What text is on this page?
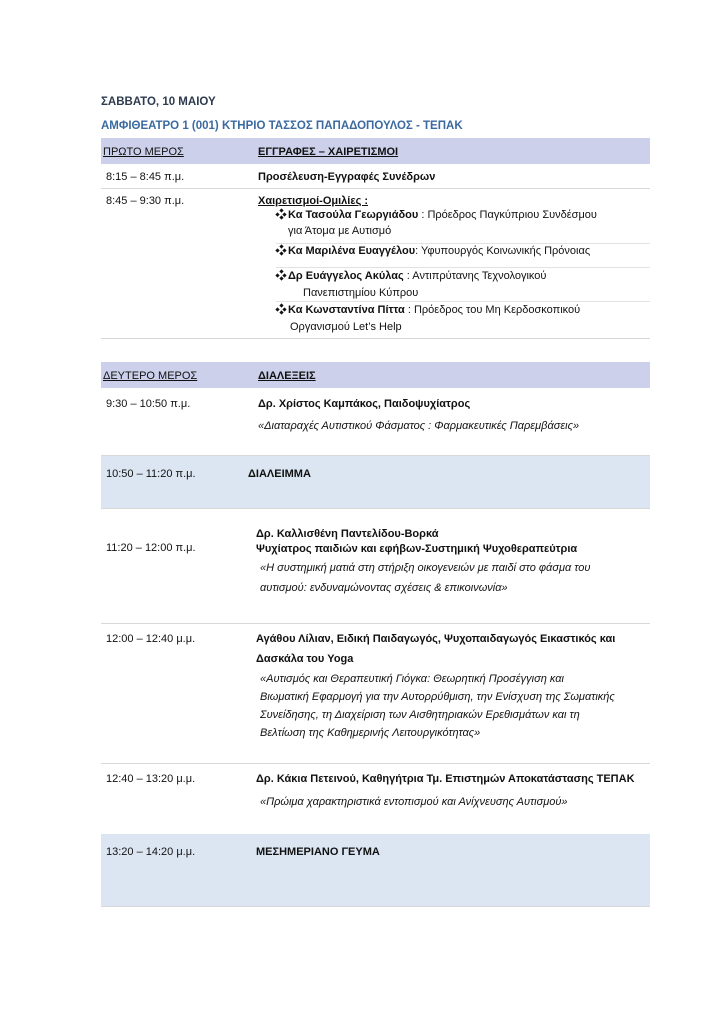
ΣΑΒΒΑΤΟ, 10 ΜΑΙΟΥ
ΑΜΦΙΘΕΑΤΡΟ 1 (001) ΚΤΗΡΙΟ ΤΑΣΣΟΣ ΠΑΠΑΔΟΠΟΥΛΟΣ - ΤΕΠΑΚ
ΠΡΩΤΟ ΜΕΡΟΣ	ΕΓΓΡΑΦΕΣ – ΧΑΙΡΕΤΙΣΜΟΙ
8:15 – 8:45 π.μ.	Προσέλευση-Εγγραφές Συνέδρων
8:45 – 9:30 π.μ.	Χαιρετισμοί-Ομιλίες :
Κα Τασούλα Γεωργιάδου : Πρόεδρος Παγκύπριου Συνδέσμου
για Άτομα με Αυτισμό
Κα Μαριλένα Ευαγγέλου: Υφυπουργός Κοινωνικής Πρόνοιας
Δρ Ευάγγελος Ακύλας : Αντιπρύτανης Τεχνολογικού
Πανεπιστημίου Κύπρου
Κα Κωνσταντίνα Πίττα : Πρόεδρος του Μη Κερδοσκοπικού
Οργανισμού Let’s Help
ΔΕΥΤΕΡΟ ΜΕΡΟΣ	ΔΙΑΛΕΞΕΙΣ
9:30 – 10:50 π.μ.	Δρ. Χρίστος Καμπάκος, Παιδοψυχίατρος
«Διαταραχές Αυτιστικού Φάσματος : Φαρμακευτικές Παρεμβάσεις»
10:50 – 11:20 π.μ.	ΔΙΑΛΕΙΜΜΑ
11:20 – 12:00 π.μ.
Δρ. Καλλισθένη Παντελίδου-Βορκά
Ψυχίατρος παιδιών και εφήβων-Συστημική Ψυχοθεραπεύτρια
«Η συστημική ματιά στη στήριξη οικογενειών με παιδί στο φάσμα του
αυτισμού: ενδυναμώνοντας σχέσεις & επικοινωνία»
12:00 – 12:40 μ.μ.	Αγάθου Λίλιαν, Ειδική Παιδαγωγός, Ψυχοπαιδαγωγός Εικαστικός και
Δασκάλα του Yoga
«Αυτισμός και Θεραπευτική Γιόγκα: Θεωρητική Προσέγγιση και
Βιωματική Εφαρμογή για την Αυτορρύθμιση, την Ενίσχυση της Σωματικής
Συνείδησης, τη Διαχείριση των Αισθητηριακών Ερεθισμάτων και τη
Βελτίωση της Καθημερινής Λειτουργικότητας»
12:40 – 13:20 μ.μ.	Δρ. Κάκια Πετεινού, Καθηγήτρια Τμ. Επιστημών Αποκατάστασης ΤΕΠΑΚ
«Πρώιμα χαρακτηριστικά εντοπισμού και Ανίχνευσης Αυτισμού»
13:20 – 14:20 μ.μ.	ΜΕΣΗΜΕΡΙΑΝΟ ΓΕΥΜΑ
